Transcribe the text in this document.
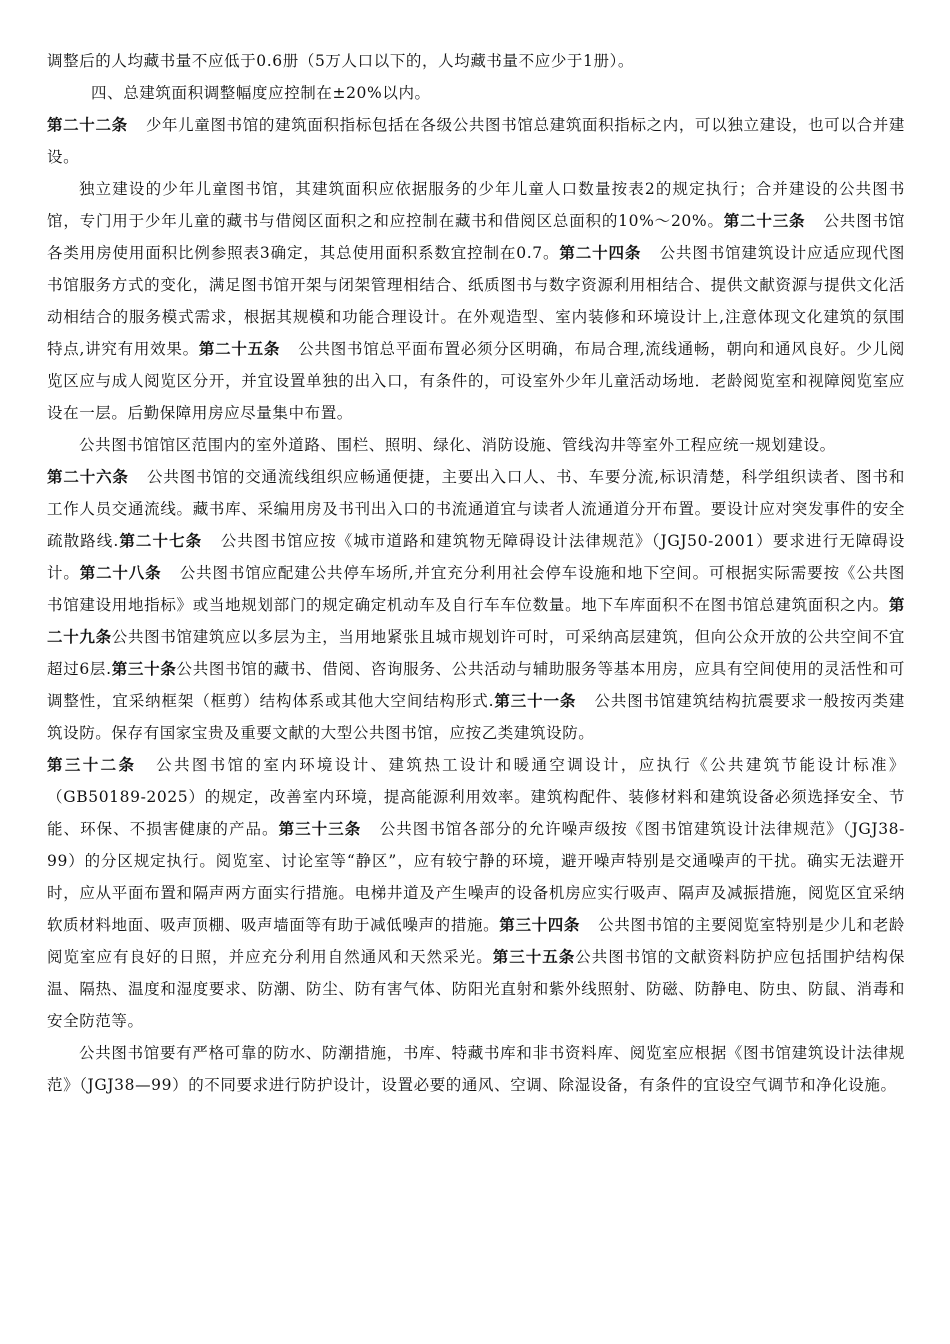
调整后的人均藏书量不应低于0.6册（5万人口以下的，人均藏书量不应少于1册）。

四、总建筑面积调整幅度应控制在±20%以内。

第二十二条 少年儿童图书馆的建筑面积指标包括在各级公共图书馆总建筑面积指标之内，可以独立建设，也可以合并建设。

独立建设的少年儿童图书馆，其建筑面积应依据服务的少年儿童人口数量按表2的规定执行；合并建设的公共图书馆，专门用于少年儿童的藏书与借阅区面积之和应控制在藏书和借阅区总面积的10%～20%。第二十三条 公共图书馆各类用房使用面积比例参照表3确定，其总使用面积系数宜控制在0.7。第二十四条 公共图书馆建筑设计应适应现代图书馆服务方式的变化，满足图书馆开架与闭架管理相结合、纸质图书与数字资源利用相结合、提供文献资源与提供文化活动相结合的服务模式需求，根据其规模和功能合理设计。在外观造型、室内装修和环境设计上,注意体现文化建筑的氛围特点,讲究有用效果。第二十五条 公共图书馆总平面布置必须分区明确，布局合理,流线通畅，朝向和通风良好。少儿阅览区应与成人阅览区分开，并宜设置单独的出入口，有条件的，可设室外少年儿童活动场地．老龄阅览室和视障阅览室应设在一层。后勤保障用房应尽量集中布置。

公共图书馆馆区范围内的室外道路、围栏、照明、绿化、消防设施、管线沟井等室外工程应统一规划建设。

第二十六条 公共图书馆的交通流线组织应畅通便捷，主要出入口人、书、车要分流,标识清楚，科学组织读者、图书和工作人员交通流线。藏书库、采编用房及书刊出入口的书流通道宜与读者人流通道分开布置。要设计应对突发事件的安全疏散路线.第二十七条 公共图书馆应按《城市道路和建筑物无障碍设计法律规范》（JGJ50-2001）要求进行无障碍设计。第二十八条 公共图书馆应配建公共停车场所,并宜充分利用社会停车设施和地下空间。可根据实际需要按《公共图书馆建设用地指标》或当地规划部门的规定确定机动车及自行车车位数量。地下车库面积不在图书馆总建筑面积之内。第二十九条公共图书馆建筑应以多层为主，当用地紧张且城市规划许可时，可采纳高层建筑，但向公众开放的公共空间不宜超过6层.第三十条公共图书馆的藏书、借阅、咨询服务、公共活动与辅助服务等基本用房，应具有空间使用的灵活性和可调整性，宜采纳框架（框剪）结构体系或其他大空间结构形式.第三十一条 公共图书馆建筑结构抗震要求一般按丙类建筑设防。保存有国家宝贵及重要文献的大型公共图书馆，应按乙类建筑设防。

第三十二条 公共图书馆的室内环境设计、建筑热工设计和暖通空调设计，应执行《公共建筑节能设计标准》（GB50189-2025）的规定，改善室内环境，提高能源利用效率。建筑构配件、装修材料和建筑设备必须选择安全、节能、环保、不损害健康的产品。第三十三条 公共图书馆各部分的允许噪声级按《图书馆建筑设计法律规范》（JGJ38-99）的分区规定执行。阅览室、讨论室等“静区”，应有较宁静的环境，避开噪声特别是交通噪声的干扰。确实无法避开时，应从平面布置和隔声两方面实行措施。电梯井道及产生噪声的设备机房应实行吸声、隔声及减振措施，阅览区宜采纳软质材料地面、吸声顶棚、吸声墙面等有助于减低噪声的措施。第三十四条 公共图书馆的主要阅览室特别是少儿和老龄阅览室应有良好的日照，并应充分利用自然通风和天然采光。第三十五条公共图书馆的文献资料防护应包括围护结构保温、隔热、温度和湿度要求、防潮、防尘、防有害气体、防阳光直射和紫外线照射、防磁、防静电、防虫、防鼠、消毒和安全防范等。

公共图书馆要有严格可靠的防水、防潮措施，书库、特藏书库和非书资料库、阅览室应根据《图书馆建筑设计法律规范》（JGJ38—99）的不同要求进行防护设计，设置必要的通风、空调、除湿设备，有条件的宜设空气调节和净化设施。
